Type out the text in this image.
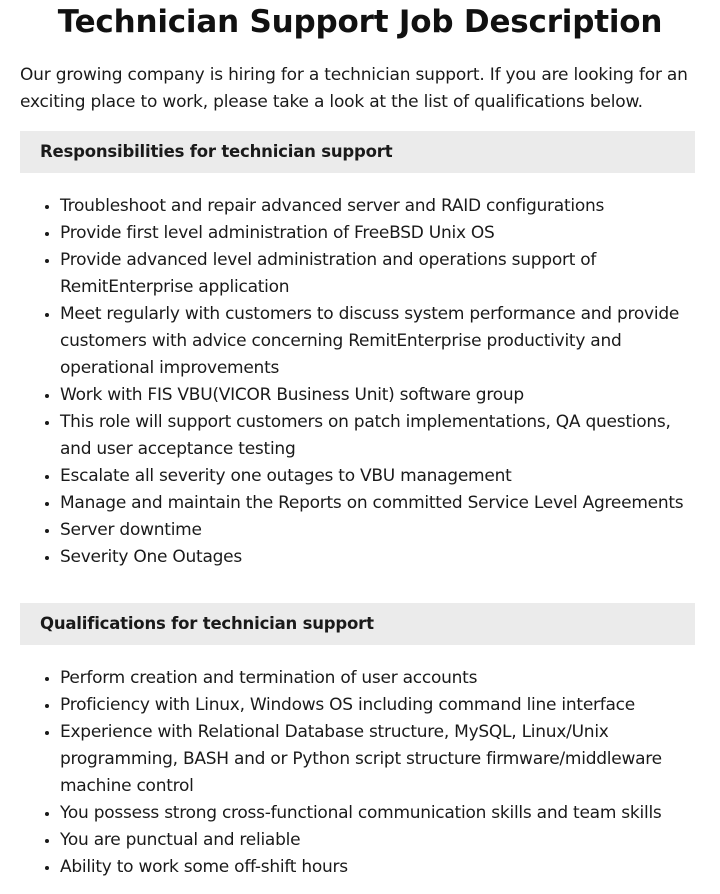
Technician Support Job Description

Our growing company is hiring for a technician support. If you are looking for an exciting place to work, please take a look at the list of qualifications below.

Responsibilities for technician support
• Troubleshoot and repair advanced server and RAID configurations
• Provide first level administration of FreeBSD Unix OS
• Provide advanced level administration and operations support of RemitEnterprise application
• Meet regularly with customers to discuss system performance and provide customers with advice concerning RemitEnterprise productivity and operational improvements
• Work with FIS VBU(VICOR Business Unit) software group
• This role will support customers on patch implementations, QA questions, and user acceptance testing
• Escalate all severity one outages to VBU management
• Manage and maintain the Reports on committed Service Level Agreements
• Server downtime
• Severity One Outages
Qualifications for technician support
• Perform creation and termination of user accounts
• Proficiency with Linux, Windows OS including command line interface
• Experience with Relational Database structure, MySQL, Linux/Unix programming, BASH and or Python script structure firmware/middleware machine control
• You possess strong cross-functional communication skills and team skills
• You are punctual and reliable
• Ability to work some off-shift hours
